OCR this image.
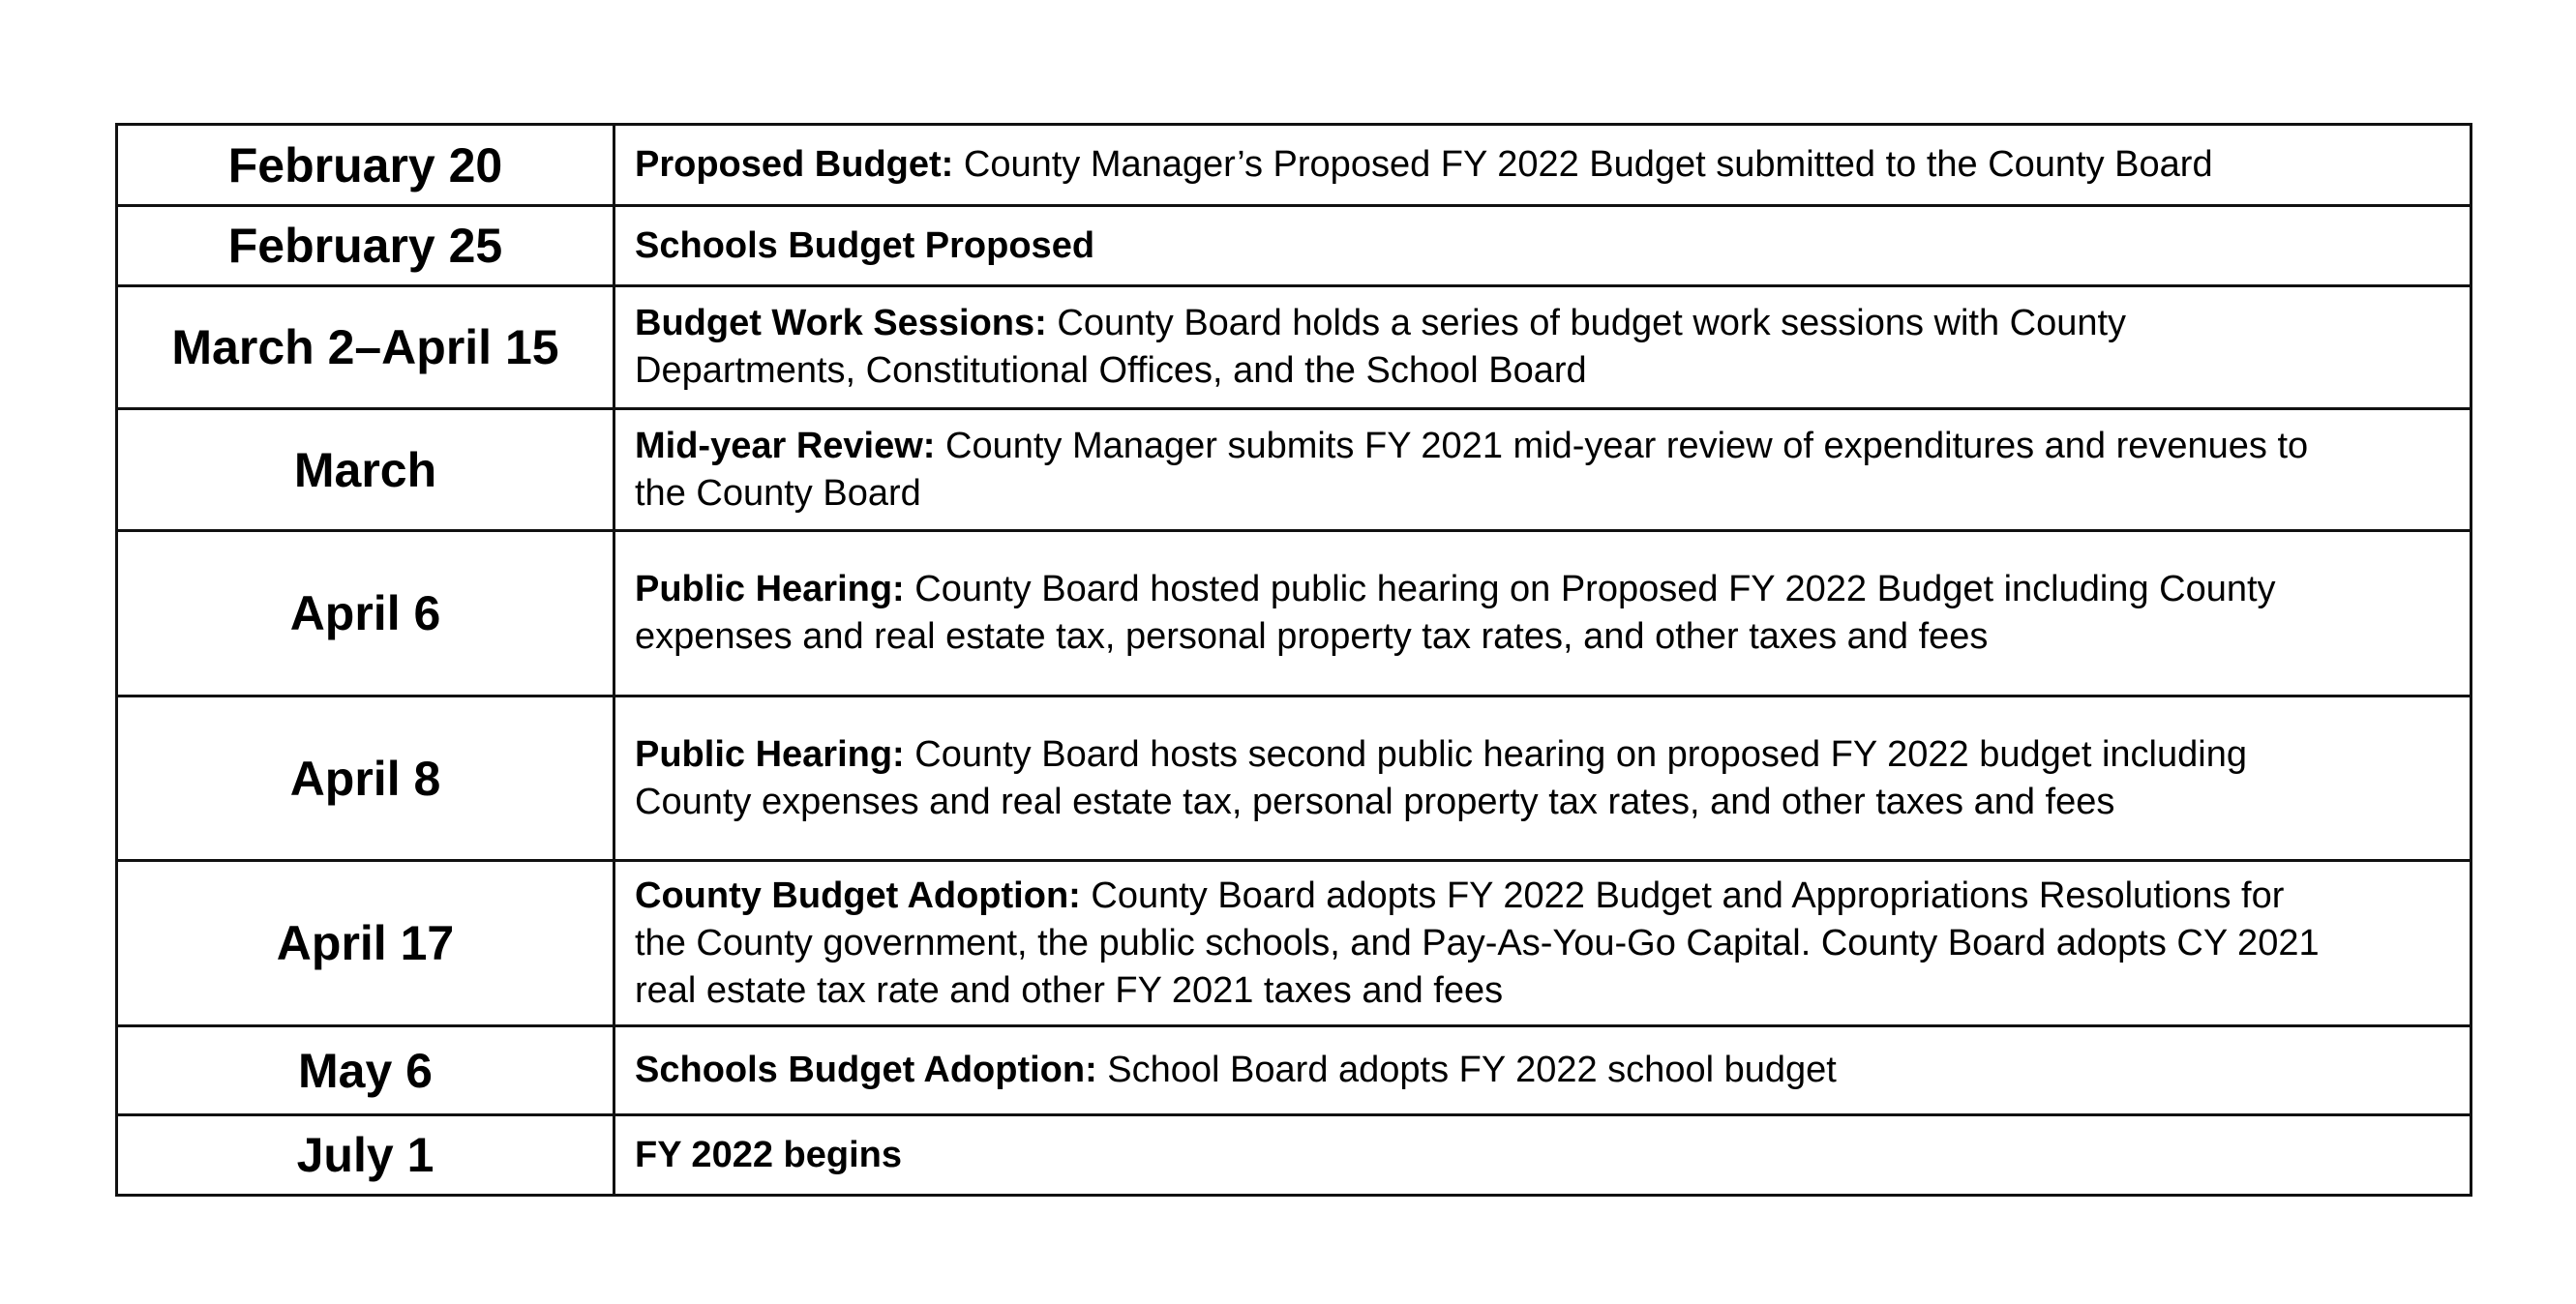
February 20	Proposed Budget: County Manager’s Proposed FY 2022 Budget submitted to the County Board

February 25	Schools Budget Proposed

March 2–April 15	Budget Work Sessions: County Board holds a series of budget work sessions with County
Departments, Constitutional Offices, and the School Board

March	Mid-year Review: County Manager submits FY 2021 mid-year review of expenditures and revenues to
the County Board

April 6	Public Hearing: County Board hosted public hearing on Proposed FY 2022 Budget including County
expenses and real estate tax, personal property tax rates, and other taxes and fees

April 8	Public Hearing: County Board hosts second public hearing on proposed FY 2022 budget including
County expenses and real estate tax, personal property tax rates, and other taxes and fees

April 17	County Budget Adoption: County Board adopts FY 2022 Budget and Appropriations Resolutions for
the County government, the public schools, and Pay-As-You-Go Capital. County Board adopts CY 2021
real estate tax rate and other FY 2021 taxes and fees

May 6	Schools Budget Adoption: School Board adopts FY 2022 school budget

July 1	FY 2022 begins
